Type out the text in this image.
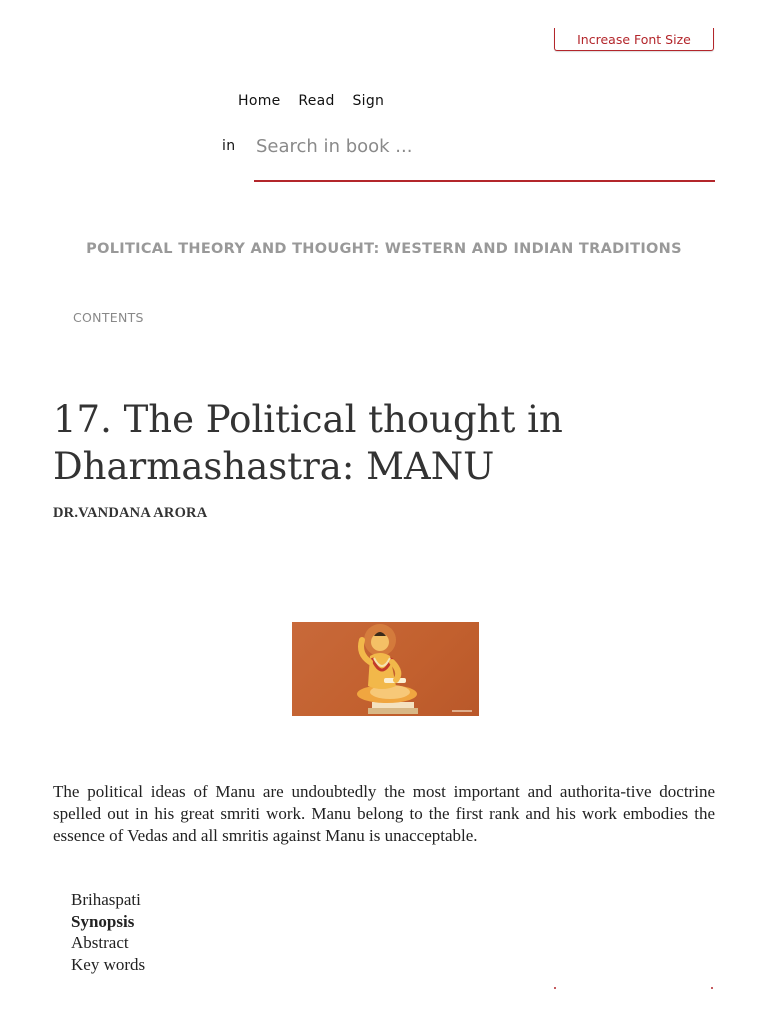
Increase Font Size
Home Read Sign
in
Search in book ...
POLITICAL THEORY AND THOUGHT: WESTERN AND INDIAN TRADITIONS
CONTENTS
17. The Political thought in
Dharmashastra: MANU
DR.VANDANA ARORA

The political ideas of Manu are undoubtedly the most important and authorita-tive doctrine spelled out in his great smriti work. Manu belong to the first rank and his work embodies the essence of Vedas and all smritis against Manu is unacceptable.

Brihaspati
Synopsis
Abstract
Key words
